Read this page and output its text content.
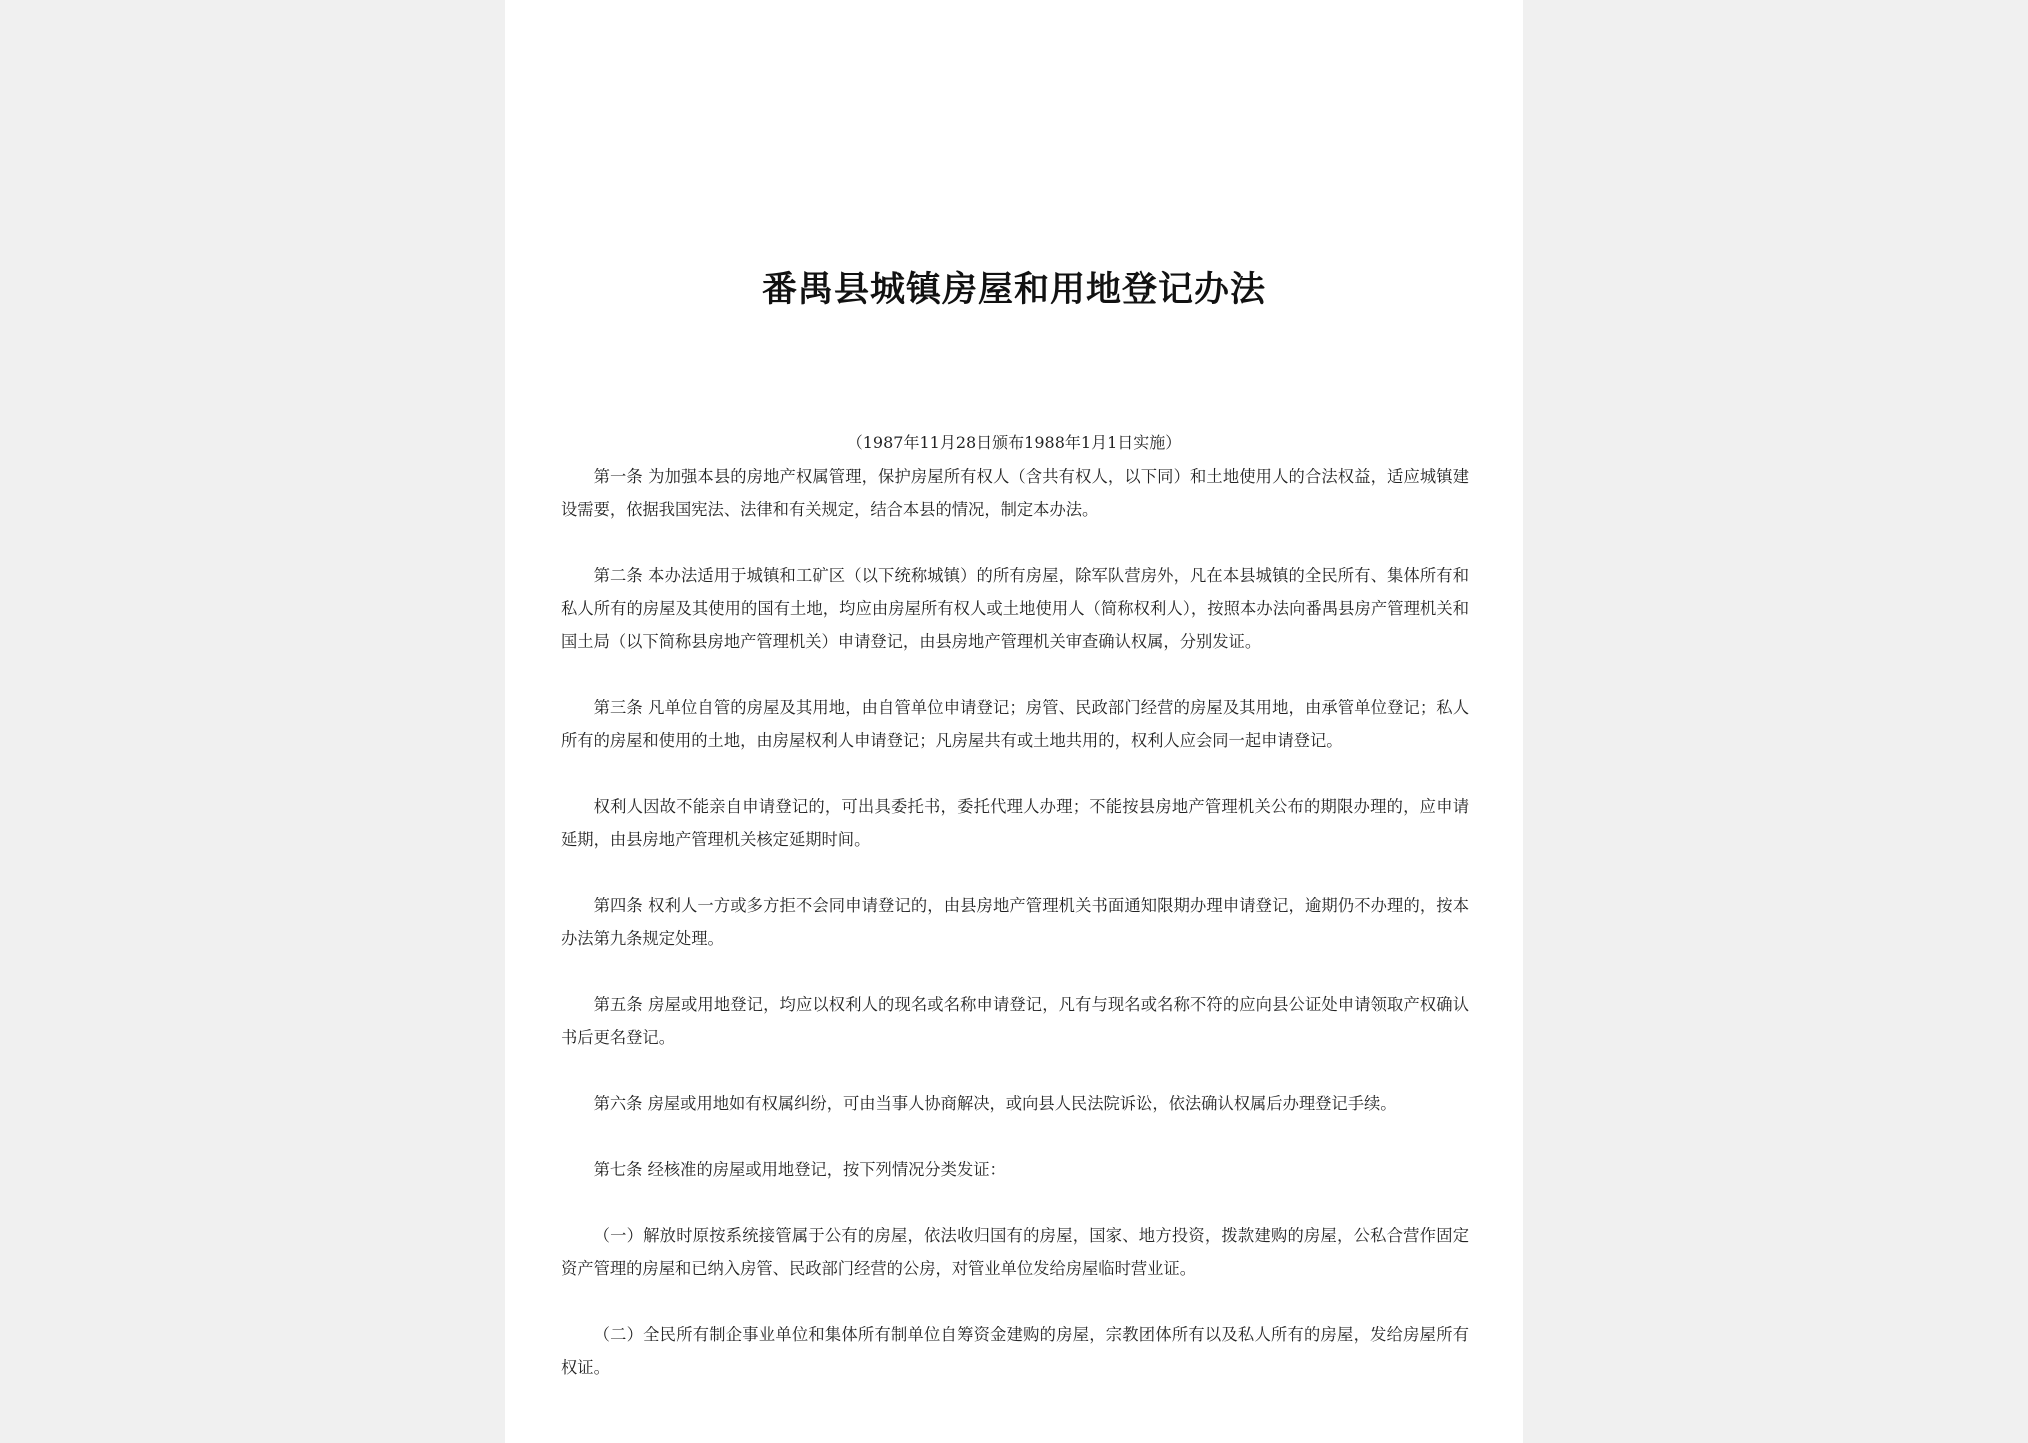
番禺县城镇房屋和用地登记办法
（1987年11月28日颁布1988年1月1日实施）

第一条 为加强本县的房地产权属管理，保护房屋所有权人（含共有权人，以下同）和土地使用人的合法权益，适应城镇建设需要，依据我国宪法、法律和有关规定，结合本县的情况，制定本办法。

第二条 本办法适用于城镇和工矿区（以下统称城镇）的所有房屋，除军队营房外，凡在本县城镇的全民所有、集体所有和私人所有的房屋及其使用的国有土地，均应由房屋所有权人或土地使用人（简称权利人），按照本办法向番禺县房产管理机关和国土局（以下简称县房地产管理机关）申请登记，由县房地产管理机关审查确认权属，分别发证。

第三条 凡单位自管的房屋及其用地，由自管单位申请登记；房管、民政部门经营的房屋及其用地，由承管单位登记；私人所有的房屋和使用的土地，由房屋权利人申请登记；凡房屋共有或土地共用的，权利人应会同一起申请登记。

权利人因故不能亲自申请登记的，可出具委托书，委托代理人办理；不能按县房地产管理机关公布的期限办理的，应申请延期，由县房地产管理机关核定延期时间。

第四条 权利人一方或多方拒不会同申请登记的，由县房地产管理机关书面通知限期办理申请登记，逾期仍不办理的，按本办法第九条规定处理。

第五条 房屋或用地登记，均应以权利人的现名或名称申请登记，凡有与现名或名称不符的应向县公证处申请领取产权确认书后更名登记。

第六条 房屋或用地如有权属纠纷，可由当事人协商解决，或向县人民法院诉讼，依法确认权属后办理登记手续。

第七条 经核准的房屋或用地登记，按下列情况分类发证：

（一）解放时原按系统接管属于公有的房屋，依法收归国有的房屋，国家、地方投资，拨款建购的房屋，公私合营作固定资产管理的房屋和已纳入房管、民政部门经营的公房，对管业单位发给房屋临时营业证。

（二）全民所有制企事业单位和集体所有制单位自筹资金建购的房屋，宗教团体所有以及私人所有的房屋，发给房屋所有权证。
